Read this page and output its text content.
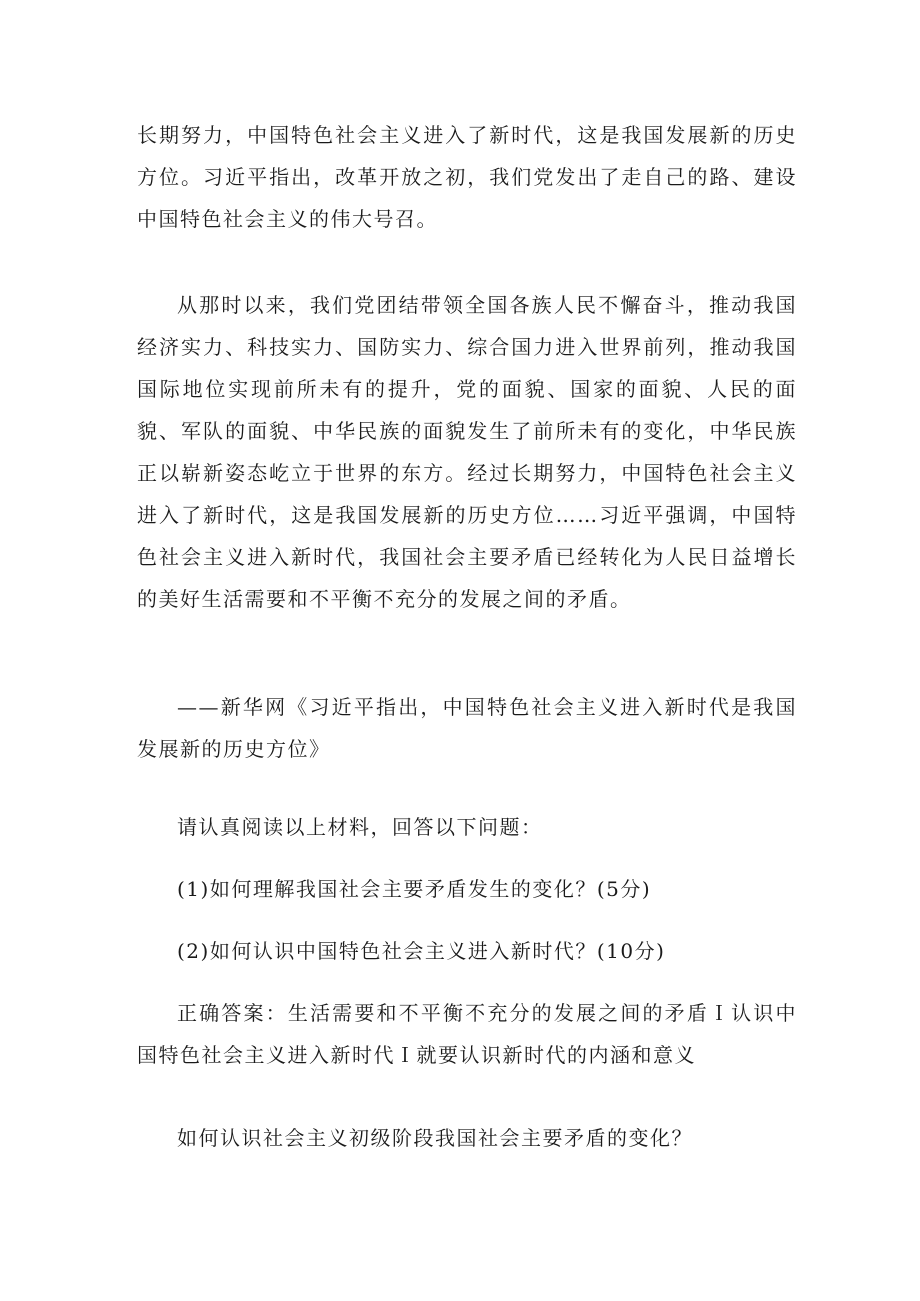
长期努力，中国特色社会主义进入了新时代，这是我国发展新的历史方位。习近平指出，改革开放之初，我们党发出了走自己的路、建设中国特色社会主义的伟大号召。

从那时以来，我们党团结带领全国各族人民不懈奋斗，推动我国经济实力、科技实力、国防实力、综合国力进入世界前列，推动我国国际地位实现前所未有的提升，党的面貌、国家的面貌、人民的面貌、军队的面貌、中华民族的面貌发生了前所未有的变化，中华民族正以崭新姿态屹立于世界的东方。经过长期努力，中国特色社会主义进入了新时代，这是我国发展新的历史方位……习近平强调，中国特色社会主义进入新时代，我国社会主要矛盾已经转化为人民日益增长的美好生活需要和不平衡不充分的发展之间的矛盾。

——新华网《习近平指出，中国特色社会主义进入新时代是我国发展新的历史方位》

请认真阅读以上材料，回答以下问题：

(1)如何理解我国社会主要矛盾发生的变化？(5分)

(2)如何认识中国特色社会主义进入新时代？(10分)

正确答案：生活需要和不平衡不充分的发展之间的矛盾Ｉ认识中国特色社会主义进入新时代Ｉ就要认识新时代的内涵和意义

如何认识社会主义初级阶段我国社会主要矛盾的变化？
